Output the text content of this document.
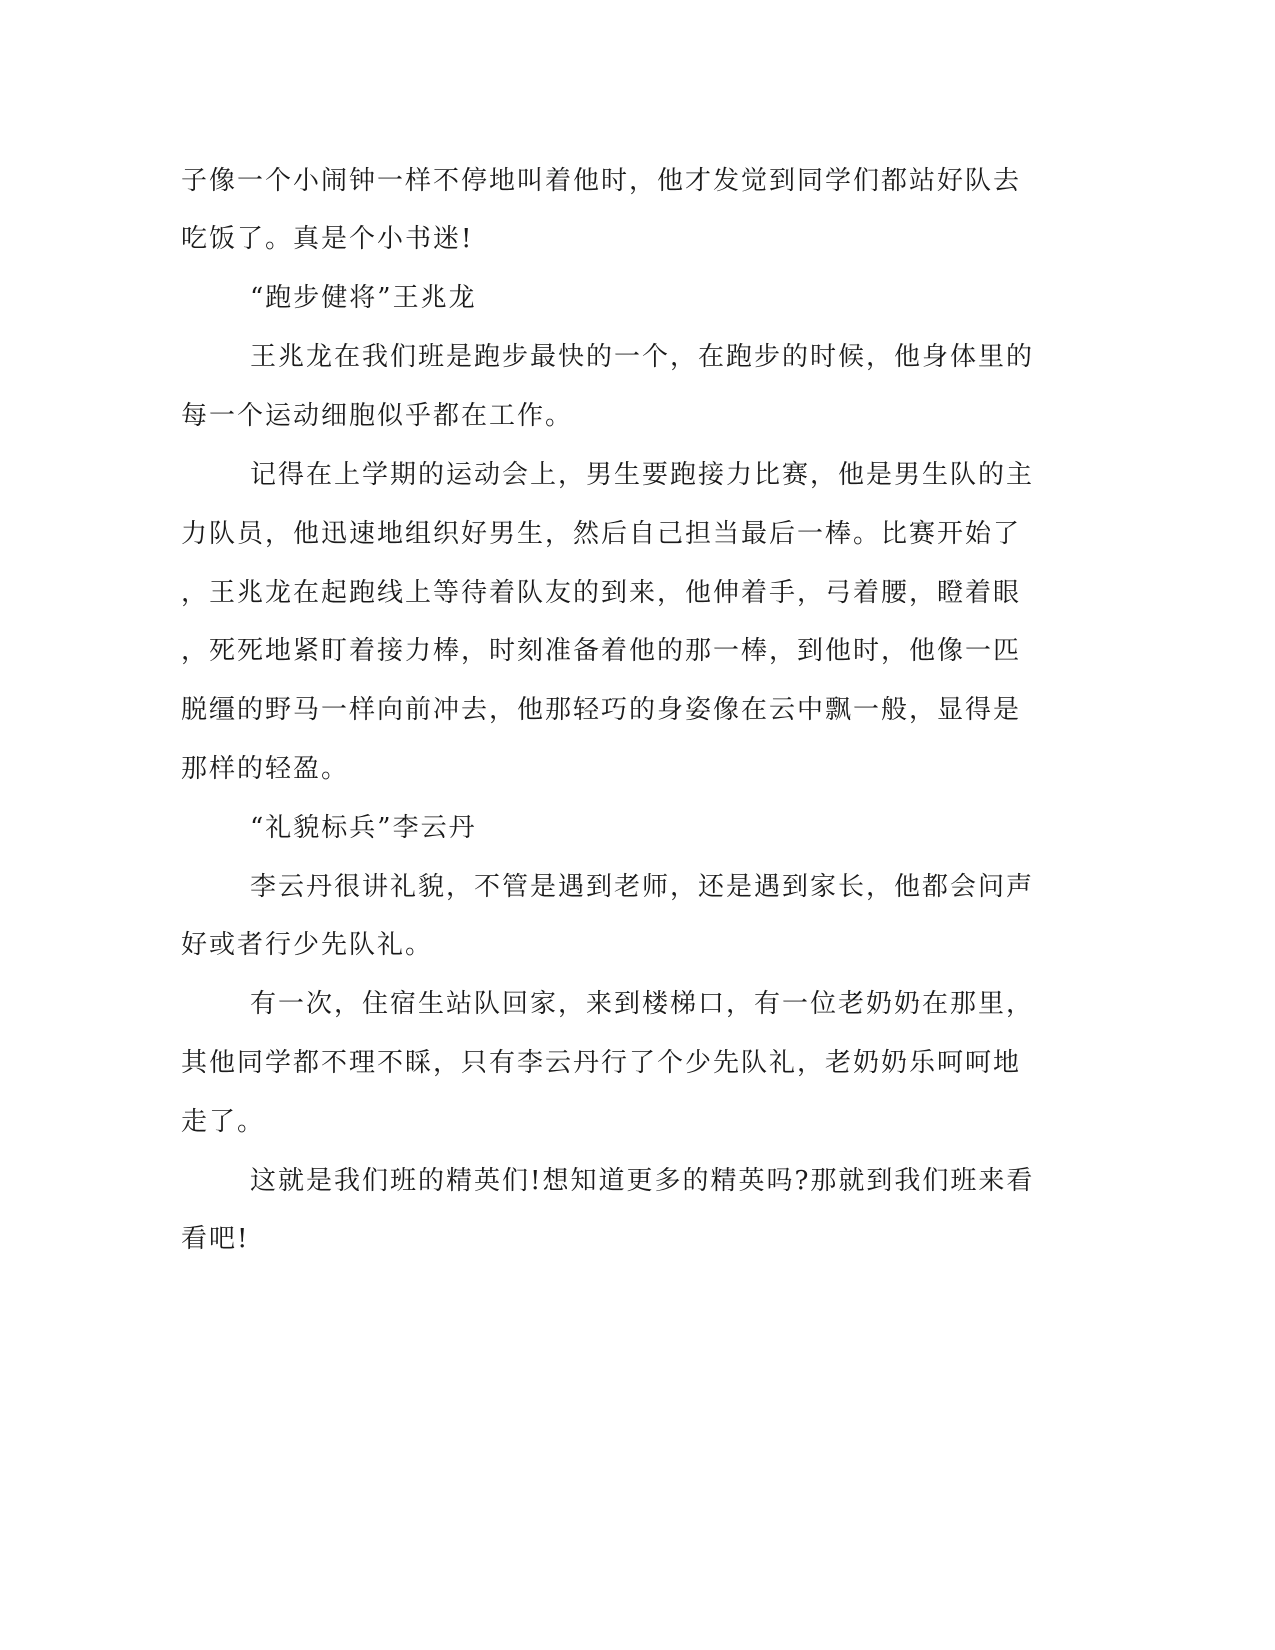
子像一个小闹钟一样不停地叫着他时，他才发觉到同学们都站好队去
吃饭了。真是个小书迷!
“跑步健将”王兆龙
王兆龙在我们班是跑步最快的一个，在跑步的时候，他身体里的
每一个运动细胞似乎都在工作。
记得在上学期的运动会上，男生要跑接力比赛，他是男生队的主
力队员，他迅速地组织好男生，然后自己担当最后一棒。比赛开始了
，王兆龙在起跑线上等待着队友的到来，他伸着手，弓着腰，瞪着眼
，死死地紧盯着接力棒，时刻准备着他的那一棒，到他时，他像一匹
脱缰的野马一样向前冲去，他那轻巧的身姿像在云中飘一般，显得是
那样的轻盈。
“礼貌标兵”李云丹
李云丹很讲礼貌，不管是遇到老师，还是遇到家长，他都会问声
好或者行少先队礼。
有一次，住宿生站队回家，来到楼梯口，有一位老奶奶在那里，
其他同学都不理不睬，只有李云丹行了个少先队礼，老奶奶乐呵呵地
走了。
这就是我们班的精英们!想知道更多的精英吗?那就到我们班来看
看吧!
